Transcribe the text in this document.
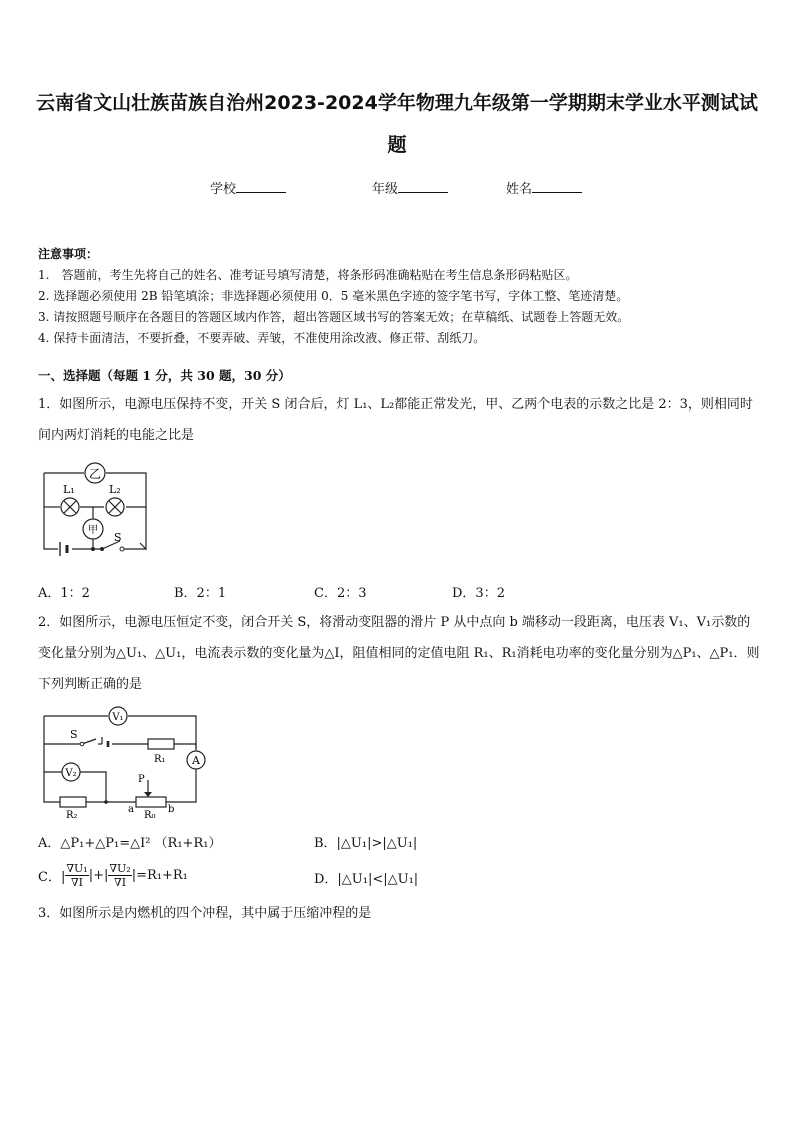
云南省文山壮族苗族自治州2023-2024学年物理九年级第一学期期末学业水平测试试
题
学校	年级	姓名
注意事项：
1.　答题前，考生先将自己的姓名、准考证号填写清楚，将条形码准确粘贴在考生信息条形码粘贴区。
2. 选择题必须使用 2B 铅笔填涂；非选择题必须使用 0．5 毫米黑色字迹的签字笔书写，字体工整、笔迹清楚。
3. 请按照题号顺序在各题目的答题区域内作答，超出答题区域书写的答案无效；在草稿纸、试题卷上答题无效。
4. 保持卡面清洁，不要折叠，不要弄破、弄皱，不准使用涂改液、修正带、刮纸刀。
一、选择题（每题 1 分，共 30 题，30 分）
1．如图所示，电源电压保持不变，开关 S 闭合后，灯 L₁、L₂都能正常发光，甲、乙两个电表的示数之比是 2：3，则相同时间内两灯消耗的电能之比是
乙
甲
L₁	L₂
S
A．1：2	B．2：1	C．2：3	D．3：2
2．如图所示，电源电压恒定不变，闭合开关 S，将滑动变阻器的滑片 P 从中点向 b 端移动一段距离，电压表 V₁、V₁示数的变化量分别为△U₁、△U₁，电流表示数的变化量为△I，阻值相同的定值电阻 R₁、R₁消耗电功率的变化量分别为△P₁、△P₁．则下列判断正确的是
V₁
V₂
A
S
R₁
R₂	R₀
P
a	b
A．△P₁+△P₁=△I² （R₁+R₁）	B．|△U₁|>|△U₁|
C．| $\frac{\text{∇U₁}}{\nabla I}$ |+| $\frac{\text{∇U₂}}{\nabla I} |=R_1+R_1$	D．|△U₁|<|△U₁|
3．如图所示是内燃机的四个冲程，其中属于压缩冲程的是
